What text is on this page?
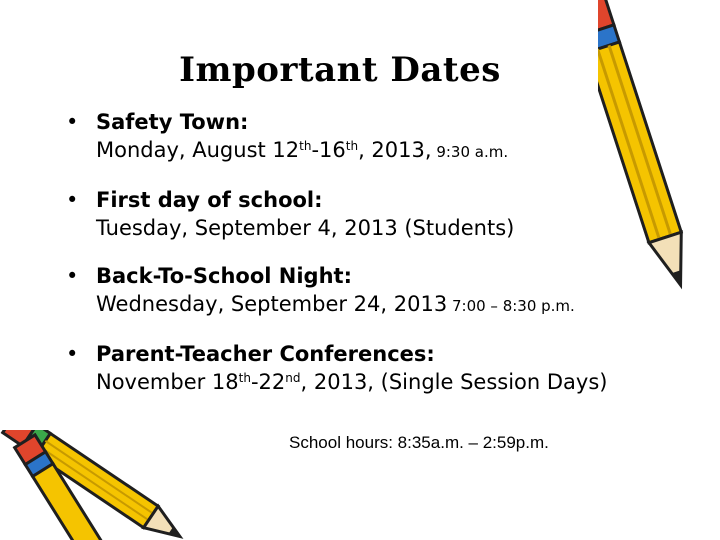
Important Dates
• Safety Town:
Monday, August 12th-16th, 2013, 9:30 a.m.
• First day of school:
Tuesday, September 4, 2013 (Students)
• Back-To-School Night:
Wednesday, September 24, 2013 7:00 – 8:30 p.m.
• Parent-Teacher Conferences:
November 18th-22nd, 2013, (Single Session Days)
School hours: 8:35a.m. – 2:59p.m.
